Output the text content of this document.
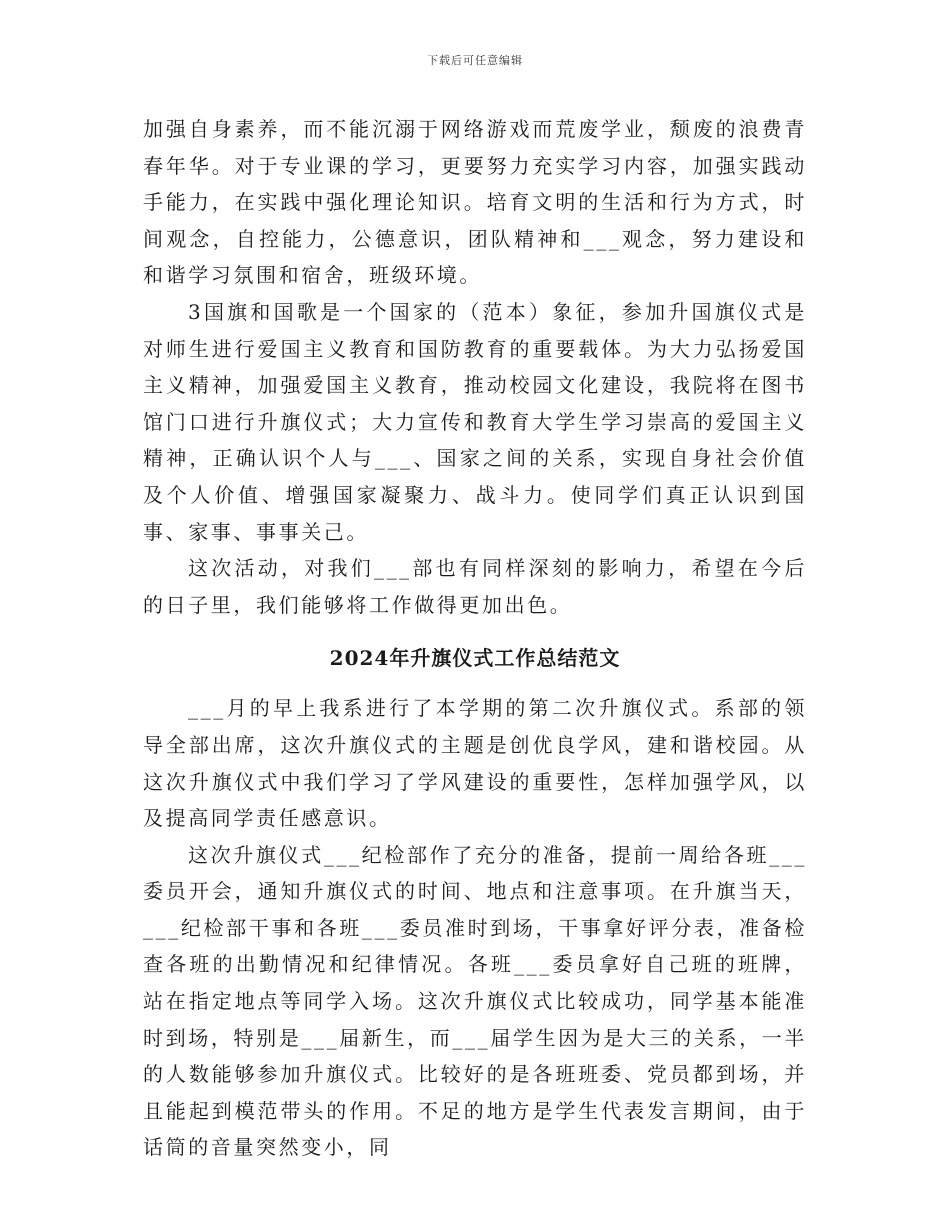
下载后可任意编辑

加强自身素养，而不能沉溺于网络游戏而荒废学业，颓废的浪费青春年华。对于专业课的学习，更要努力充实学习内容，加强实践动手能力，在实践中强化理论知识。培育文明的生活和行为方式，时间观念，自控能力，公德意识，团队精神和___观念，努力建设和和谐学习氛围和宿舍，班级环境。

3国旗和国歌是一个国家的（范本）象征，参加升国旗仪式是对师生进行爱国主义教育和国防教育的重要载体。为大力弘扬爱国主义精神，加强爱国主义教育，推动校园文化建设，我院将在图书馆门口进行升旗仪式；大力宣传和教育大学生学习崇高的爱国主义精神，正确认识个人与___、国家之间的关系，实现自身社会价值及个人价值、增强国家凝聚力、战斗力。使同学们真正认识到国事、家事、事事关己。

这次活动，对我们___部也有同样深刻的影响力，希望在今后的日子里，我们能够将工作做得更加出色。

2024年升旗仪式工作总结范文

___月的早上我系进行了本学期的第二次升旗仪式。系部的领导全部出席，这次升旗仪式的主题是创优良学风，建和谐校园。从这次升旗仪式中我们学习了学风建设的重要性，怎样加强学风，以及提高同学责任感意识。

这次升旗仪式___纪检部作了充分的准备，提前一周给各班___委员开会，通知升旗仪式的时间、地点和注意事项。在升旗当天，___纪检部干事和各班___委员准时到场，干事拿好评分表，准备检查各班的出勤情况和纪律情况。各班___委员拿好自己班的班牌，站在指定地点等同学入场。这次升旗仪式比较成功，同学基本能准时到场，特别是___届新生，而___届学生因为是大三的关系，一半的人数能够参加升旗仪式。比较好的是各班班委、党员都到场，并且能起到模范带头的作用。不足的地方是学生代表发言期间，由于话筒的音量突然变小，同
